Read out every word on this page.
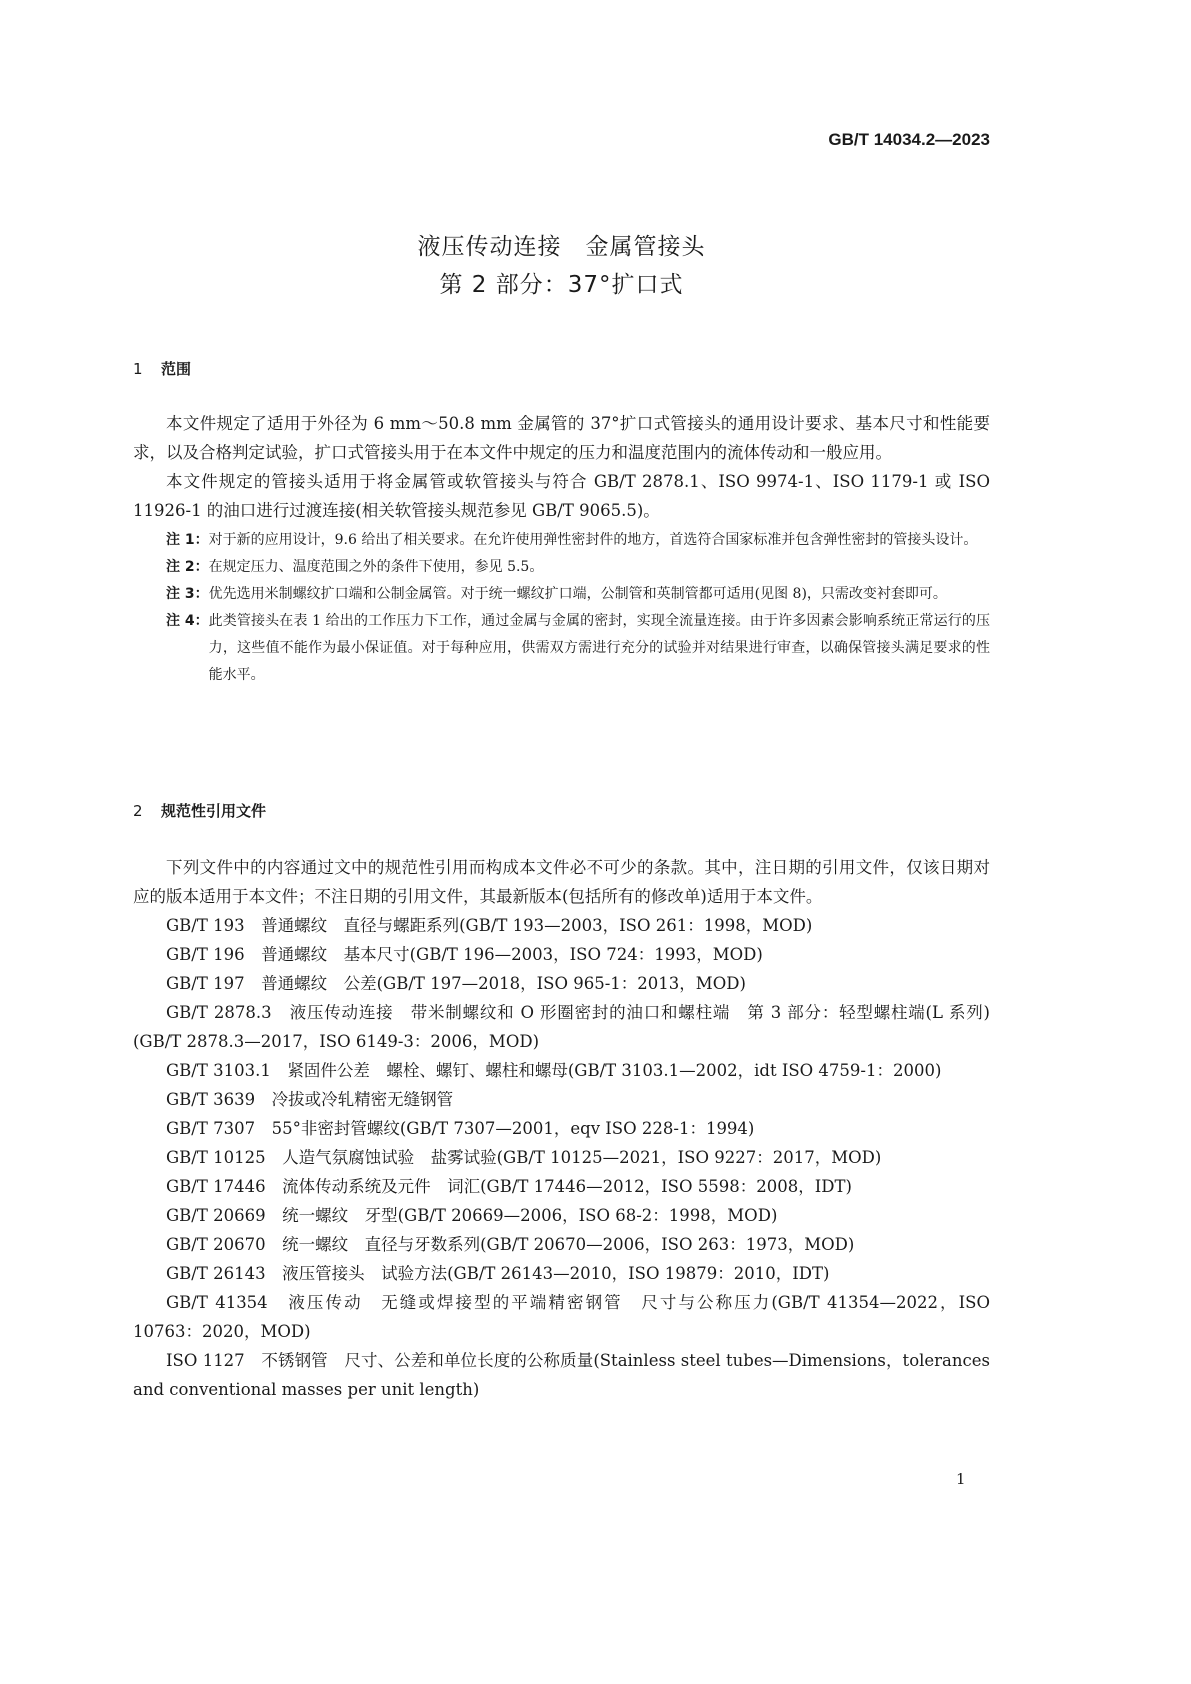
GB/T 14034.2—2023
液压传动连接　金属管接头
第 2 部分：37°扩口式
1 范围

本文件规定了适用于外径为 6 mm～50.8 mm 金属管的 37°扩口式管接头的通用设计要求、基本尺寸和性能要求，以及合格判定试验，扩口式管接头用于在本文件中规定的压力和温度范围内的流体传动和一般应用。

本文件规定的管接头适用于将金属管或软管接头与符合 GB/T 2878.1、ISO 9974-1、ISO 1179-1 或 ISO 11926-1 的油口进行过渡连接(相关软管接头规范参见 GB/T 9065.5)。

注 1： 对于新的应用设计，9.6 给出了相关要求。在允许使用弹性密封件的地方，首选符合国家标准并包含弹性密封的管接头设计。
注 2： 在规定压力、温度范围之外的条件下使用，参见 5.5。
注 3： 优先选用米制螺纹扩口端和公制金属管。对于统一螺纹扩口端，公制管和英制管都可适用(见图 8)，只需改变衬套即可。
注 4： 此类管接头在表 1 给出的工作压力下工作，通过金属与金属的密封，实现全流量连接。由于许多因素会影响系统正常运行的压力，这些值不能作为最小保证值。对于每种应用，供需双方需进行充分的试验并对结果进行审查，以确保管接头满足要求的性能水平。
2 规范性引用文件

下列文件中的内容通过文中的规范性引用而构成本文件必不可少的条款。其中，注日期的引用文件，仅该日期对应的版本适用于本文件；不注日期的引用文件，其最新版本(包括所有的修改单)适用于本文件。

GB/T 193　普通螺纹　直径与螺距系列(GB/T 193—2003，ISO 261：1998，MOD)

GB/T 196　普通螺纹　基本尺寸(GB/T 196—2003，ISO 724：1993，MOD)

GB/T 197　普通螺纹　公差(GB/T 197—2018，ISO 965-1：2013，MOD)

GB/T 2878.3　液压传动连接　带米制螺纹和 O 形圈密封的油口和螺柱端　第 3 部分：轻型螺柱端(L 系列)(GB/T 2878.3—2017，ISO 6149-3：2006，MOD)

GB/T 3103.1　紧固件公差　螺栓、螺钉、螺柱和螺母(GB/T 3103.1—2002，idt ISO 4759-1：2000)

GB/T 3639　冷拔或冷轧精密无缝钢管

GB/T 7307　55°非密封管螺纹(GB/T 7307—2001，eqv ISO 228-1：1994)

GB/T 10125　人造气氛腐蚀试验　盐雾试验(GB/T 10125—2021，ISO 9227：2017，MOD)

GB/T 17446　流体传动系统及元件　词汇(GB/T 17446—2012，ISO 5598：2008，IDT)

GB/T 20669　统一螺纹　牙型(GB/T 20669—2006，ISO 68-2：1998，MOD)

GB/T 20670　统一螺纹　直径与牙数系列(GB/T 20670—2006，ISO 263：1973，MOD)

GB/T 26143　液压管接头　试验方法(GB/T 26143—2010，ISO 19879：2010，IDT)

GB/T 41354　液压传动　无缝或焊接型的平端精密钢管　尺寸与公称压力(GB/T 41354—2022，ISO 10763：2020，MOD)

ISO 1127　不锈钢管　尺寸、公差和单位长度的公称质量(Stainless steel tubes—Dimensions，tolerances and conventional masses per unit length)

1
